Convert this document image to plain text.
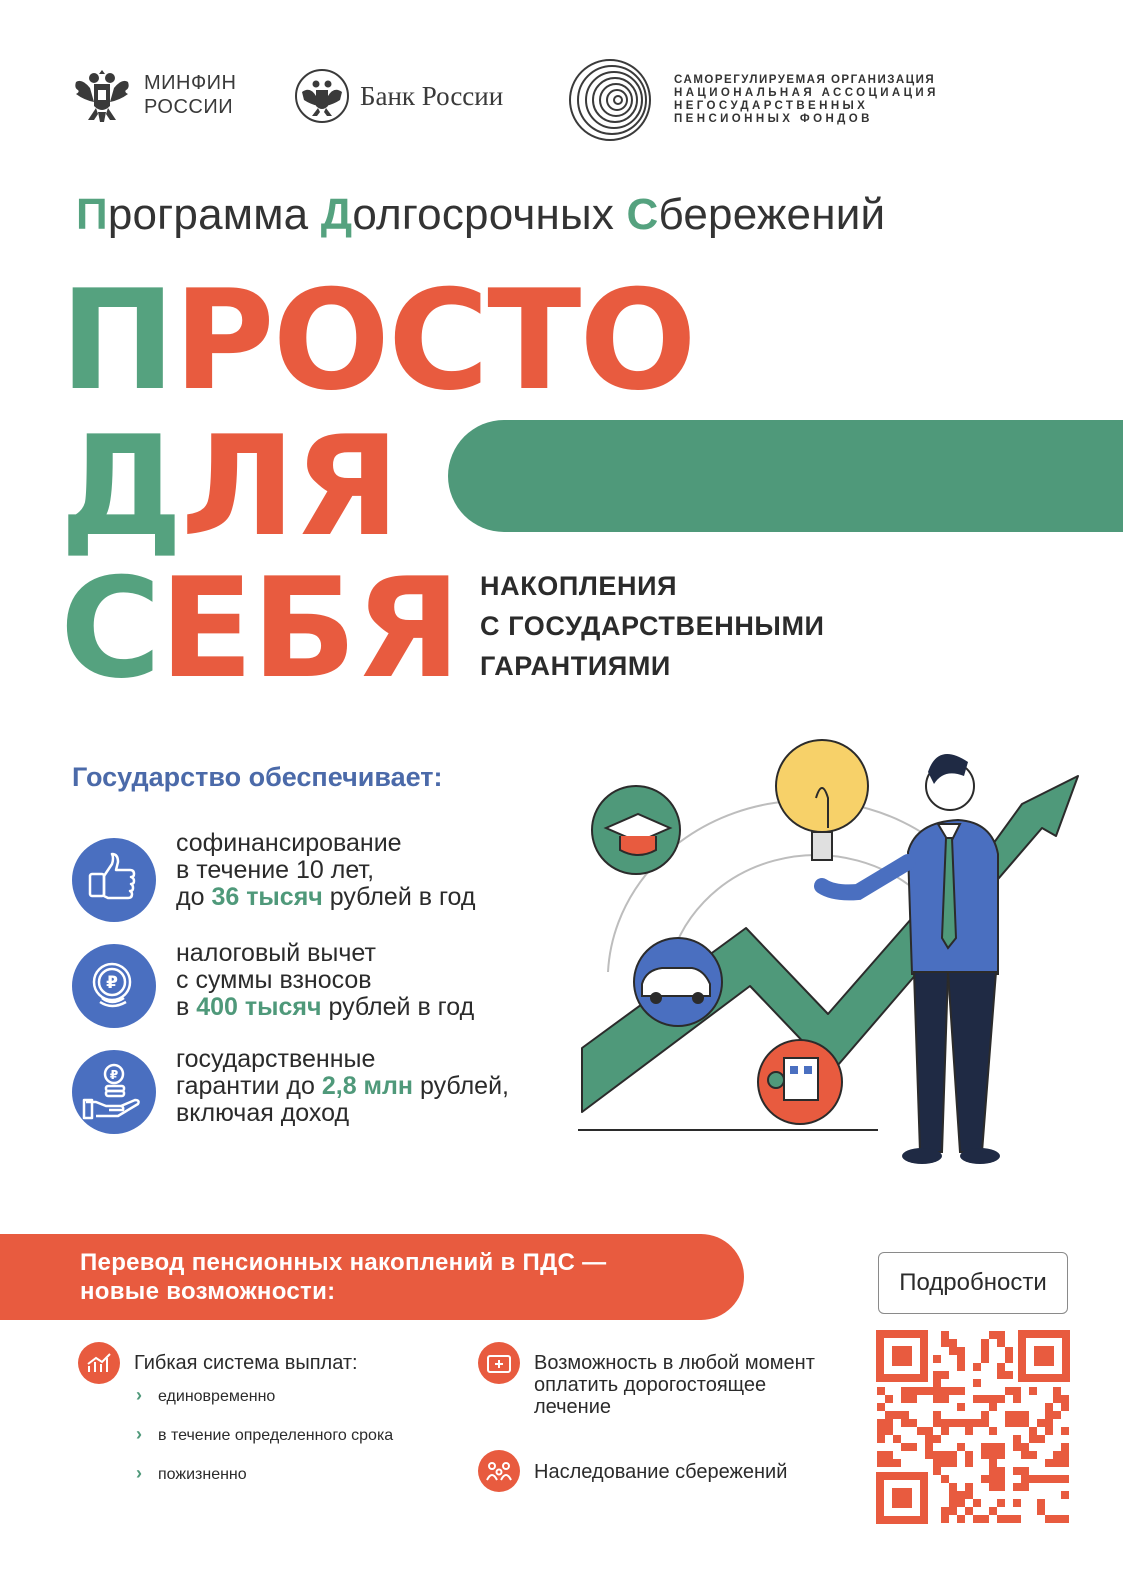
МИНФИН
РОССИИ	Банк России
САМОРЕГУЛИРУЕМАЯ ОРГАНИЗАЦИЯ
НАЦИОНАЛЬНАЯ АССОЦИАЦИЯ
НЕГОСУДАРСТВЕННЫХ
ПЕНСИОННЫХ ФОНДОВ
Программа Долгосрочных Сбережений
ПРОСТО
ДЛЯ
СЕБЯ НАКОПЛЕНИЯ
С ГОСУДАРСТВЕННЫМИ
ГАРАНТИЯМИ
Государство обеспечивает:
софинансирование
в течение 10 лет,
до 36 тысяч рублей в год
₽
налоговый вычет
с суммы взносов
в 400 тысяч рублей в год
₽
государственные
гарантии до 2,8 млн рублей,
включая доход
Перевод пенсионных накоплений в ПДС —
новые возможности:	Подробности
Гибкая система выплат:
› единовременно
› в течение определенного срока
› пожизненно
Возможность в любой момент
оплатить дорогостоящее
лечение
Наследование сбережений
